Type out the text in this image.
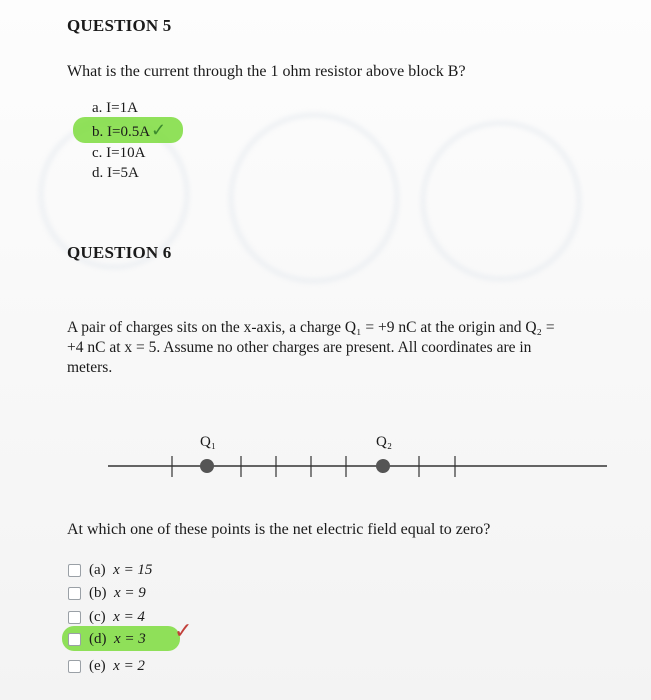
QUESTION 5
What is the current through the 1 ohm resistor above block B?
a. I=1A
b. I=0.5A✓
c. I=10A
d. I=5A
QUESTION 6
A pair of charges sits on the x-axis, a charge Q₁ = +9 nC at the origin and Q₂ =
+4 nC at x = 5. Assume no other charges are present. All coordinates are in
meters.
Q₁	Q₂
At which one of these points is the net electric field equal to zero?
(a) x = 15
(b) x = 9
(c) x = 4
(d) x = 3 ✓
(e) x = 2
